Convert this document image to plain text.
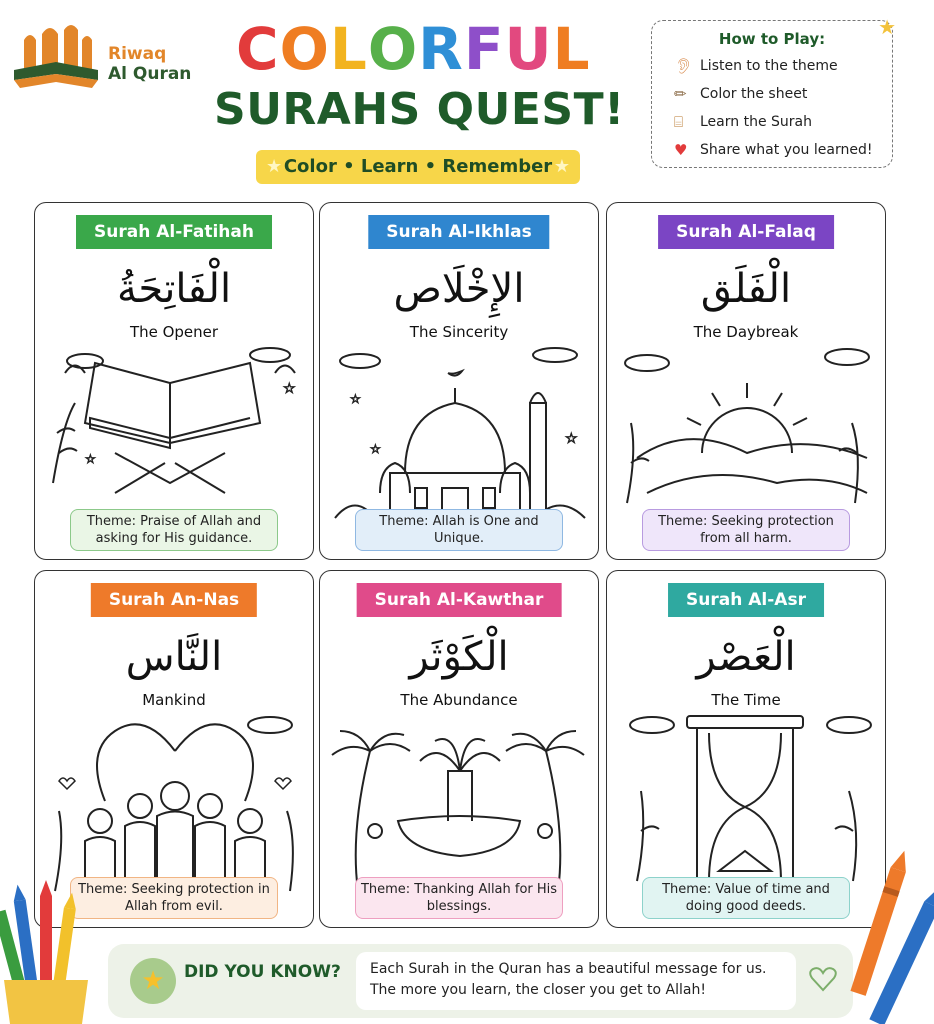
Riwaq
Al Quran COLORFUL
SURAHS QUEST!
★ Color • Learn • Remember ★
★
How to Play:
👂︎ Listen to the theme
✏︎ Color the sheet
⌸	Learn the Surah
♥ Share what you learned!
Surah Al-Fatihah
الْفَاتِحَةُ
The Opener
☆
☆
Theme: Praise of Allah and asking for His guidance.
Surah Al-Ikhlas
الإِخْلَاص
The Sincerity
☆
☆
☆
Theme: Allah is One and Unique.
Surah Al-Falaq
الْفَلَق
The Daybreak
Theme: Seeking protection from all harm.
Surah An-Nas
النَّاس
Mankind
Theme: Seeking protection in Allah from evil.
Surah Al-Kawthar
الْكَوْثَر
The Abundance
Theme: Thanking Allah for His blessings.
Surah Al-Asr
الْعَصْر
The Time
Theme: Value of time and doing good deeds.
★ DID YOU KNOW? Each Surah in the Quran has a beautiful message for us.
The more you learn, the closer you get to Allah!
